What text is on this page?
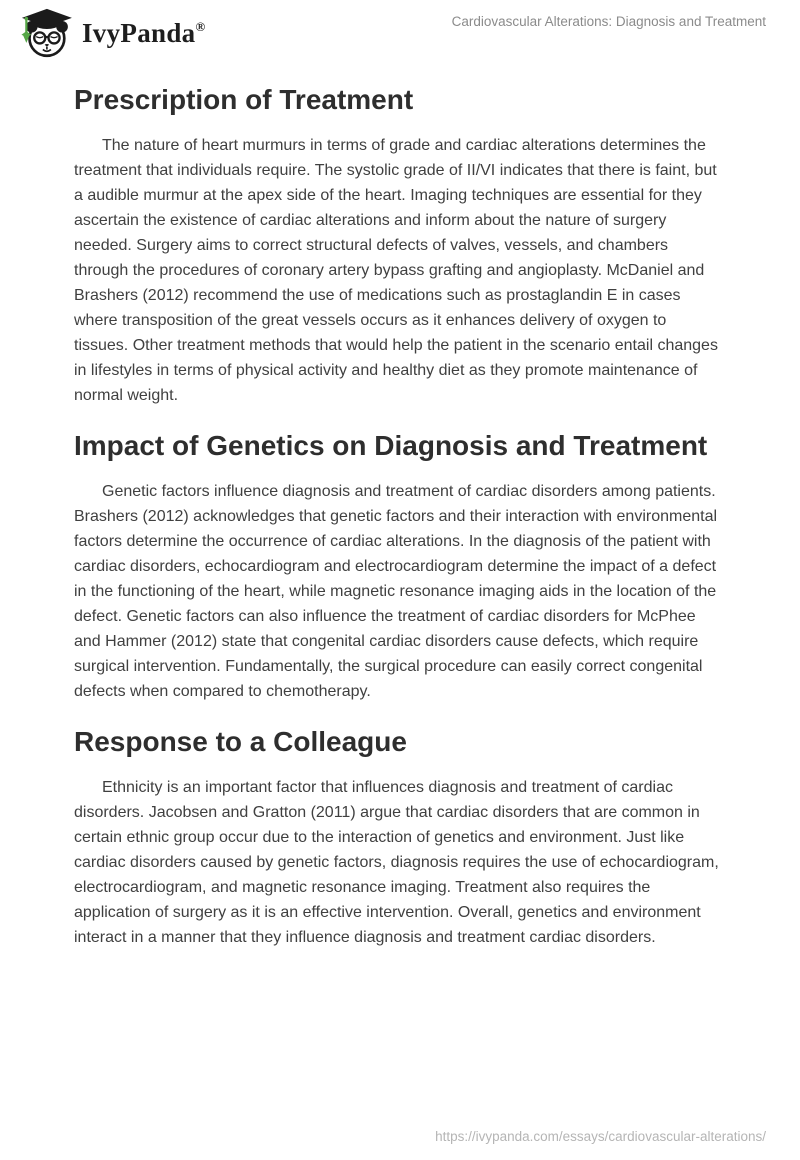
IvyPanda®	Cardiovascular Alterations: Diagnosis and Treatment
Prescription of Treatment

The nature of heart murmurs in terms of grade and cardiac alterations determines the treatment that individuals require. The systolic grade of II/VI indicates that there is faint, but a audible murmur at the apex side of the heart. Imaging techniques are essential for they ascertain the existence of cardiac alterations and inform about the nature of surgery needed. Surgery aims to correct structural defects of valves, vessels, and chambers through the procedures of coronary artery bypass grafting and angioplasty. McDaniel and Brashers (2012) recommend the use of medications such as prostaglandin E in cases where transposition of the great vessels occurs as it enhances delivery of oxygen to tissues. Other treatment methods that would help the patient in the scenario entail changes in lifestyles in terms of physical activity and healthy diet as they promote maintenance of normal weight.

Impact of Genetics on Diagnosis and Treatment

Genetic factors influence diagnosis and treatment of cardiac disorders among patients. Brashers (2012) acknowledges that genetic factors and their interaction with environmental factors determine the occurrence of cardiac alterations. In the diagnosis of the patient with cardiac disorders, echocardiogram and electrocardiogram determine the impact of a defect in the functioning of the heart, while magnetic resonance imaging aids in the location of the defect. Genetic factors can also influence the treatment of cardiac disorders for McPhee and Hammer (2012) state that congenital cardiac disorders cause defects, which require surgical intervention. Fundamentally, the surgical procedure can easily correct congenital defects when compared to chemotherapy.

Response to a Colleague

Ethnicity is an important factor that influences diagnosis and treatment of cardiac disorders. Jacobsen and Gratton (2011) argue that cardiac disorders that are common in certain ethnic group occur due to the interaction of genetics and environment. Just like cardiac disorders caused by genetic factors, diagnosis requires the use of echocardiogram, electrocardiogram, and magnetic resonance imaging. Treatment also requires the application of surgery as it is an effective intervention. Overall, genetics and environment interact in a manner that they influence diagnosis and treatment cardiac disorders.

https://ivypanda.com/essays/cardiovascular-alterations/
